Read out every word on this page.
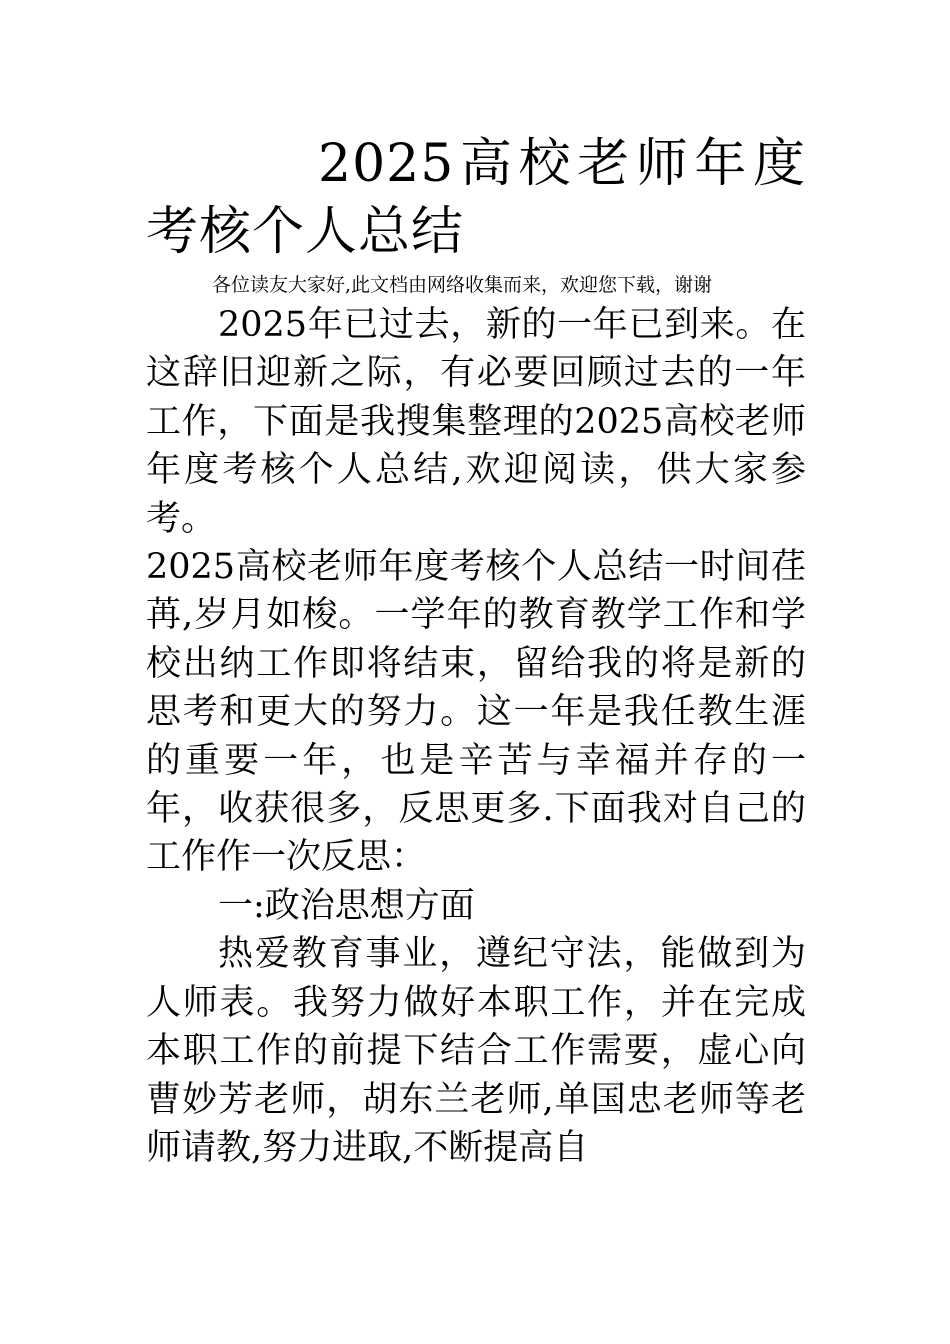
2025高校老师年度考核个人总结

各位读友大家好,此文档由网络收集而来，欢迎您下载，谢谢

2025年已过去，新的一年已到来。在这辞旧迎新之际，有必要回顾过去的一年工作，下面是我搜集整理的2025高校老师年度考核个人总结,欢迎阅读，供大家参考。

2025高校老师年度考核个人总结一时间荏苒,岁月如梭。一学年的教育教学工作和学校出纳工作即将结束，留给我的将是新的思考和更大的努力。这一年是我任教生涯的重要一年，也是辛苦与幸福并存的一年，收获很多，反思更多.下面我对自己的工作作一次反思：

一:政治思想方面

热爱教育事业，遵纪守法，能做到为人师表。我努力做好本职工作，并在完成本职工作的前提下结合工作需要，虚心向曹妙芳老师，胡东兰老师,单国忠老师等老师请教,努力进取,不断提高自
